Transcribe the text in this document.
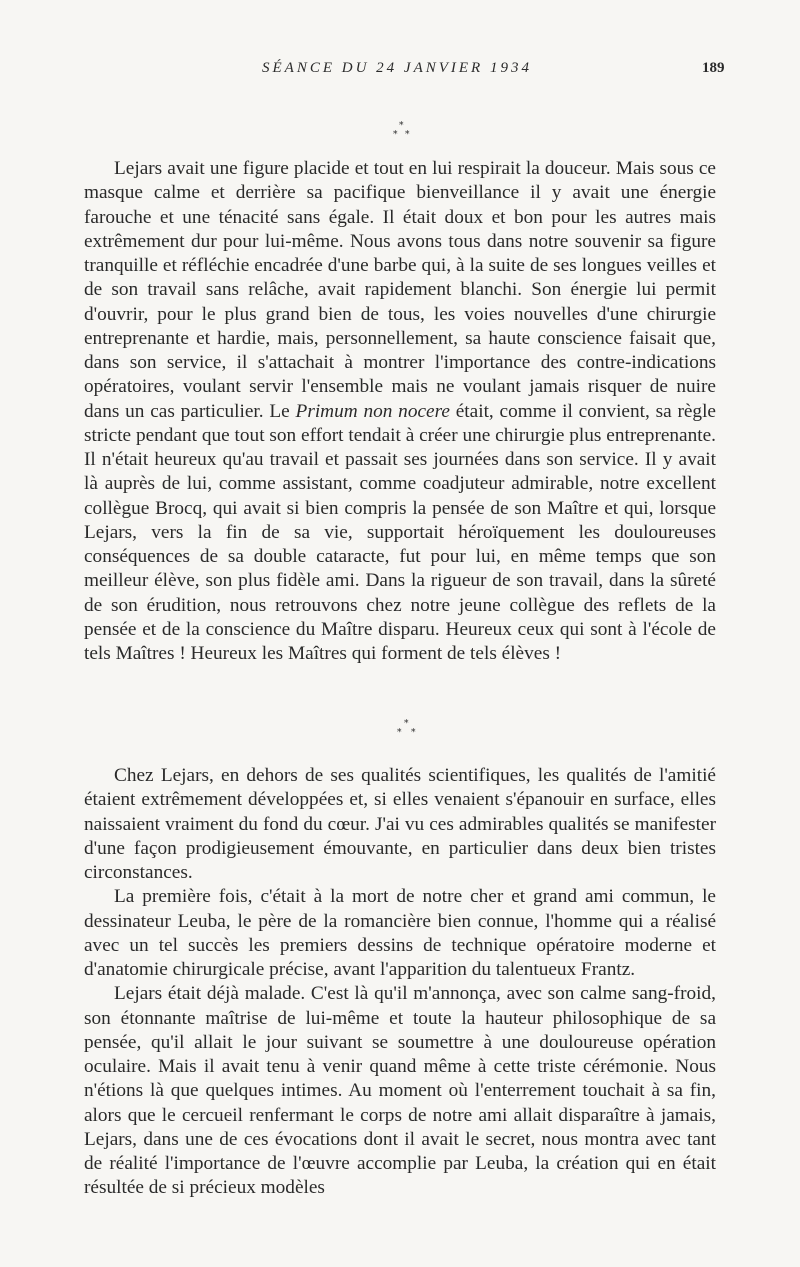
SÉANCE DU 24 JANVIER 1934	189
*
* *

Lejars avait une figure placide et tout en lui respirait la douceur. Mais sous ce masque calme et derrière sa pacifique bienveillance il y avait une énergie farouche et une ténacité sans égale. Il était doux et bon pour les autres mais extrêmement dur pour lui-même. Nous avons tous dans notre souvenir sa figure tranquille et réfléchie encadrée d'une barbe qui, à la suite de ses longues veilles et de son travail sans relâche, avait rapidement blanchi. Son énergie lui permit d'ouvrir, pour le plus grand bien de tous, les voies nouvelles d'une chirurgie entreprenante et hardie, mais, personnellement, sa haute conscience faisait que, dans son service, il s'attachait à montrer l'importance des contre-indications opératoires, voulant servir l'ensemble mais ne voulant jamais risquer de nuire dans un cas particulier. Le Primum non nocere était, comme il convient, sa règle stricte pendant que tout son effort tendait à créer une chirurgie plus entreprenante. Il n'était heureux qu'au travail et passait ses journées dans son service. Il y avait là auprès de lui, comme assistant, comme coadjuteur admirable, notre excellent collègue Brocq, qui avait si bien compris la pensée de son Maître et qui, lorsque Lejars, vers la fin de sa vie, supportait héroïquement les douloureuses conséquences de sa double cataracte, fut pour lui, en même temps que son meilleur élève, son plus fidèle ami. Dans la rigueur de son travail, dans la sûreté de son érudition, nous retrouvons chez notre jeune collègue des reflets de la pensée et de la conscience du Maître disparu. Heureux ceux qui sont à l'école de tels Maîtres ! Heureux les Maîtres qui forment de tels élèves !

*
* *

Chez Lejars, en dehors de ses qualités scientifiques, les qualités de l'amitié étaient extrêmement développées et, si elles venaient s'épanouir en surface, elles naissaient vraiment du fond du cœur. J'ai vu ces admirables qualités se manifester d'une façon prodigieusement émouvante, en particulier dans deux bien tristes circonstances.

La première fois, c'était à la mort de notre cher et grand ami commun, le dessinateur Leuba, le père de la romancière bien connue, l'homme qui a réalisé avec un tel succès les premiers dessins de technique opératoire moderne et d'anatomie chirurgicale précise, avant l'apparition du talentueux Frantz.

Lejars était déjà malade. C'est là qu'il m'annonça, avec son calme sang-froid, son étonnante maîtrise de lui-même et toute la hauteur philosophique de sa pensée, qu'il allait le jour suivant se soumettre à une douloureuse opération oculaire. Mais il avait tenu à venir quand même à cette triste cérémonie. Nous n'étions là que quelques intimes. Au moment où l'enterrement touchait à sa fin, alors que le cercueil renfermant le corps de notre ami allait disparaître à jamais, Lejars, dans une de ces évocations dont il avait le secret, nous montra avec tant de réalité l'importance de l'œuvre accomplie par Leuba, la création qui en était résultée de si précieux modèles
